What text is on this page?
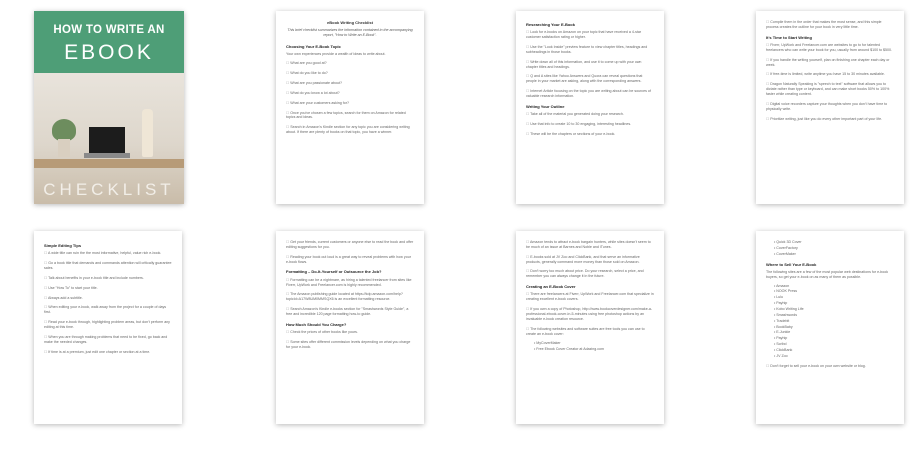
HOW TO WRITE AN
EBOOK
CHECKLIST
eBook Writing Checklist
This brief checklist summarizes the information contained in the accompanying report, "How to Write an E-Book".
Choosing Your E-Book Topic
Your own experiences provide a wealth of ideas to write about.
☐ What are you good at?
☐ What do you like to do?
☐ What are you passionate about?
☐ What do you know a lot about?
☐ What are your customers asking for?
☐ Once you've chosen a few topics, search for them on Amazon for related topics and ideas.
☐ Search in Amazon's Kindle section for any topic you are considering writing about. If there are plenty of books on that topic, you have a winner.
Researching Your E-Book
☐ Look for e-books on Amazon on your topic that have received a 4-star customer satisfaction rating or higher.
☐ Use the "Look Inside" preview feature to view chapter titles, headings and subheadings in those books.
☐ Write down all of this information, and use it to come up with your own chapter titles and headings.
☐ Q and A sites like Yahoo Answers and Quora can reveal questions that people in your market are asking, along with the corresponding answers.
☐ Internet Article focusing on the topic you are writing about can be sources of valuable research information.
Writing Your Outline
☐ Take all of the material you generated doing your research.
☐ Use that info to create 10 to 30 engaging, interesting headlines.
☐ These will be the chapters or sections of your e-book.
☐ Compile them in the order that makes the most sense, and this simple process creates the outline for your book in very little time.
It's Time to Start Writing
☐ Fiverr, UpWork and Freelancer.com are websites to go to for talented freelancers who can write your book for you, usually from around $100 to $500.
☐ If you handle the writing yourself, plan on finishing one chapter each day or week.
☐ If free-time is limited, write anytime you have 15 to 30 minutes available.
☐ Dragon Naturally Speaking is "speech to text" software that allows you to dictate rather than type or keyboard, and can make short books 50% to 100% faster while creating content.
☐ Digital voice recorders capture your thoughts when you don't have time to physically write.
☐ Prioritize writing, just like you do every other important part of your life.
Simple Editing Tips
☐ A wide title can ruin the the most informative, helpful, value rich e-book.
☐ Go a book title that demands and commands attention will critically guarantee sales.
☐ Talk about benefits in your e-book title and include numbers.
☐ Use "How To" to start your title.
☐ Always add a subtitle.
☐ When editing your e-book, walk away from the project for a couple of days first.
☐ Read your e-book through, highlighting problem areas, but don't perform any editing at this time.
☐ When you are through making problems that need to be fixed, go back and make the needed changes.
☐ If time is at a premium, just edit one chapter or section at a time.
☐ Get your friends, current customers or anyone else to read the book and offer editing suggestions for you.
☐ Reading your book out loud is a great way to reveal problems with how your e-book flows.
Formatting – Do-It-Yourself or Outsource the Job?
☐ Formatting can be a nightmare, as hiring a talented freelancer from sites like Fiverr, UpWork and Freelancer.com is highly recommended.
☐ The Amazon publishing guide located at https://kdp.amazon.com/help?topicId=A17W8UM0MMSQX6 is an excellent formatting resource.
☐ Search Amazon's Kindle e-books section for "Smashwords Style Guide", a free and incredible 120 page formatting how-to guide.
How Much Should You Charge?
☐ Check the prices of other books like yours.
☐ Some sites offer different commission levels depending on what you charge for your e-book.
☐ Amazon tends to attract e-book bargain hunters, while sites doesn't seem to be much of an issue at Barnes and Noble and iTunes.
☐ E-books sold at JV Zoo and ClickBank, and that serve an informative products, generally command more money than those sold on Amazon.
☐ Don't worry too much about price. Do your research, select a price, and remember you can always change it in the future.
Creating an E-Book Cover
☐ There are freelancers at Fiverr, UpWork and Freelancer.com that specialize in creating excellent e-book covers.
☐ If you own a copy of Photoshop, http://www.bookcoverdesigner.com/make-a-professional-ebook-cover-in-5-minutes using free photoshop actions by an invaluable e-book creation resource.
☐ The following websites and software suites are free tools you can use to create an e-book cover:
• MyCoverMaker
• Free Ebook Cover Creator at Adazing.com
• Quick 3D Cover
• CoverFactory
• CoverMaker
Where to Sell Your E-Book
The following sites are a few of the most popular web destinations for e-book buyers, so get your e-book on as many of them as possible.
• Amazon
• NOOK Press
• Lulu
• Payhip
• Kobo Writing Life
• Smashwords
• Tradebit
• BookBaby
• E-Junkie
• Payhip
• Scribd
• ClickBank
• JV Zoo
☐ Don't forget to sell your e-book on your own website or blog.
